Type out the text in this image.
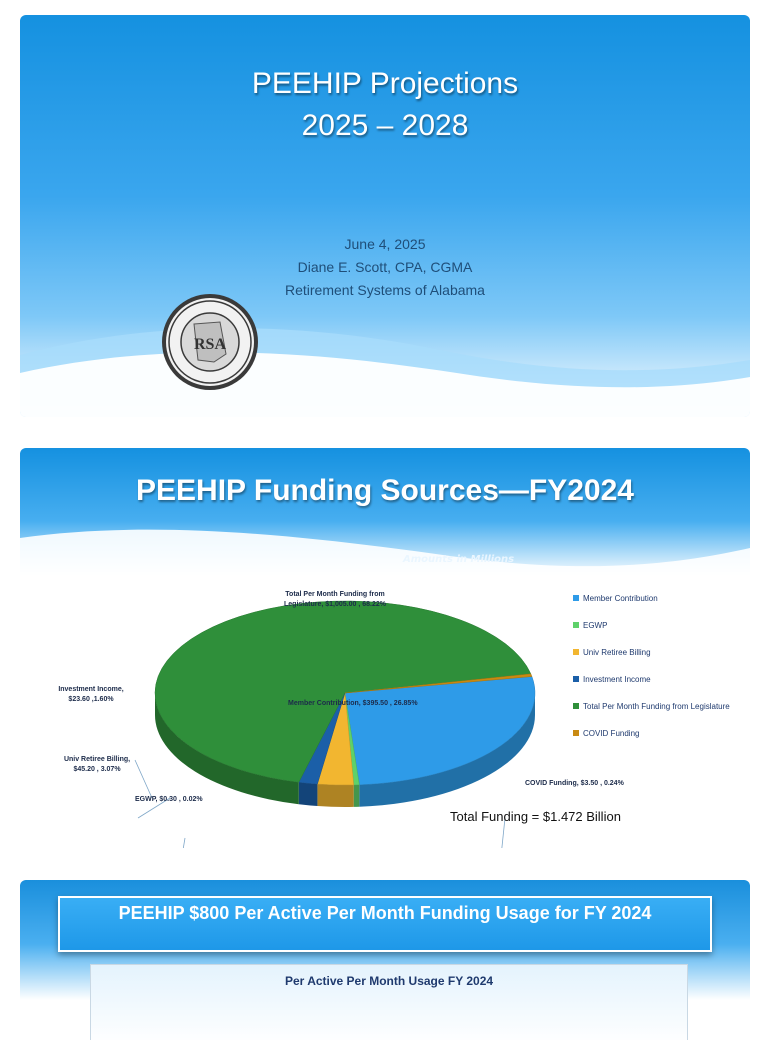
PEEHIP Projections
2025 – 2028
June 4, 2025
Diane E. Scott, CPA, CGMA
Retirement Systems of Alabama
RSA
PEEHIP Funding Sources—FY2024
Amounts in Millions
Member Contribution
EGWP
Univ Retiree Billing
Investment Income
Total Per Month Funding from Legislature
COVID Funding
Total Per Month Funding from
Legislature, $1,005.00 , 68.22%
Member Contribution, $395.50 , 26.85%
Investment Income,
$23.60 ,1.60%
Univ Retiree Billing,
$45.20 , 3.07%
EGWP, $0.30 , 0.02%
COVID Funding, $3.50 , 0.24%
Total Funding = $1.472 Billion
PEEHIP $800 Per Active Per Month Funding Usage for FY 2024
Per Active Per Month Usage FY 2024
